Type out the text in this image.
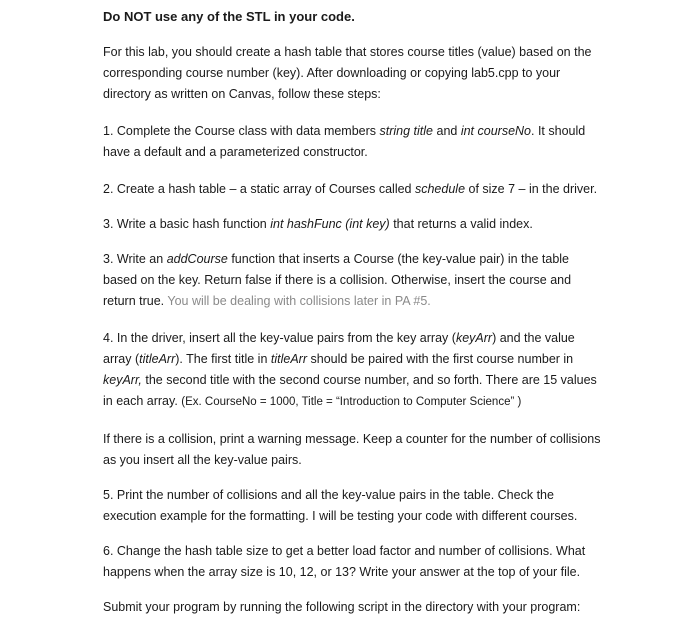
Do NOT use any of the STL in your code.

For this lab, you should create a hash table that stores course titles (value) based on the corresponding course number (key). After downloading or copying lab5.cpp to your directory as written on Canvas, follow these steps:

1. Complete the Course class with data members string title and int courseNo. It should have a default and a parameterized constructor.

2. Create a hash table – a static array of Courses called schedule of size 7 – in the driver.

3. Write a basic hash function int hashFunc (int key) that returns a valid index.

3. Write an addCourse function that inserts a Course (the key-value pair) in the table based on the key. Return false if there is a collision. Otherwise, insert the course and return true. You will be dealing with collisions later in PA #5.

4. In the driver, insert all the key-value pairs from the key array (keyArr) and the value array (titleArr). The first title in titleArr should be paired with the first course number in keyArr, the second title with the second course number, and so forth. There are 15 values in each array. (Ex. CourseNo = 1000, Title = “Introduction to Computer Science” )

If there is a collision, print a warning message. Keep a counter for the number of collisions as you insert all the key-value pairs.

5. Print the number of collisions and all the key-value pairs in the table. Check the execution example for the formatting. I will be testing your code with different courses.

6. Change the hash table size to get a better load factor and number of collisions. What happens when the array size is 10, 12, or 13? Write your answer at the top of your file.

Submit your program by running the following script in the directory with your program:
